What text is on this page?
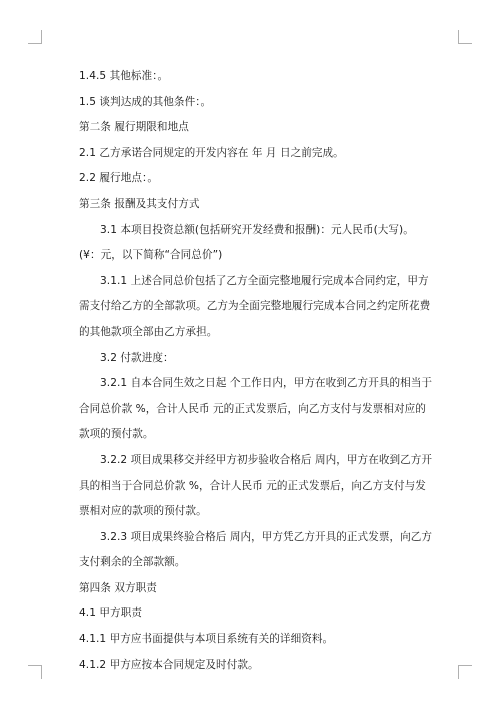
1.4.5 其他标准：。

1.5 谈判达成的其他条件：。

第二条 履行期限和地点

2.1 乙方承诺合同规定的开发内容在 年 月 日之前完成。

2.2 履行地点：。

第三条 报酬及其支付方式

3.1 本项目投资总额(包括研究开发经费和报酬)：元人民币(大写)。(¥：元，以下简称“合同总价”)

3.1.1 上述合同总价包括了乙方全面完整地履行完成本合同约定，甲方需支付给乙方的全部款项。乙方为全面完整地履行完成本合同之约定所花费的其他款项全部由乙方承担。

3.2 付款进度：

3.2.1 自本合同生效之日起 个工作日内，甲方在收到乙方开具的相当于合同总价款 %，合计人民币 元的正式发票后，向乙方支付与发票相对应的款项的预付款。

3.2.2 项目成果移交并经甲方初步验收合格后 周内，甲方在收到乙方开具的相当于合同总价款 %，合计人民币 元的正式发票后，向乙方支付与发票相对应的款项的预付款。

3.2.3 项目成果终验合格后 周内，甲方凭乙方开具的正式发票，向乙方支付剩余的全部款额。

第四条 双方职责

4.1 甲方职责

4.1.1 甲方应书面提供与本项目系统有关的详细资料。

4.1.2 甲方应按本合同规定及时付款。
